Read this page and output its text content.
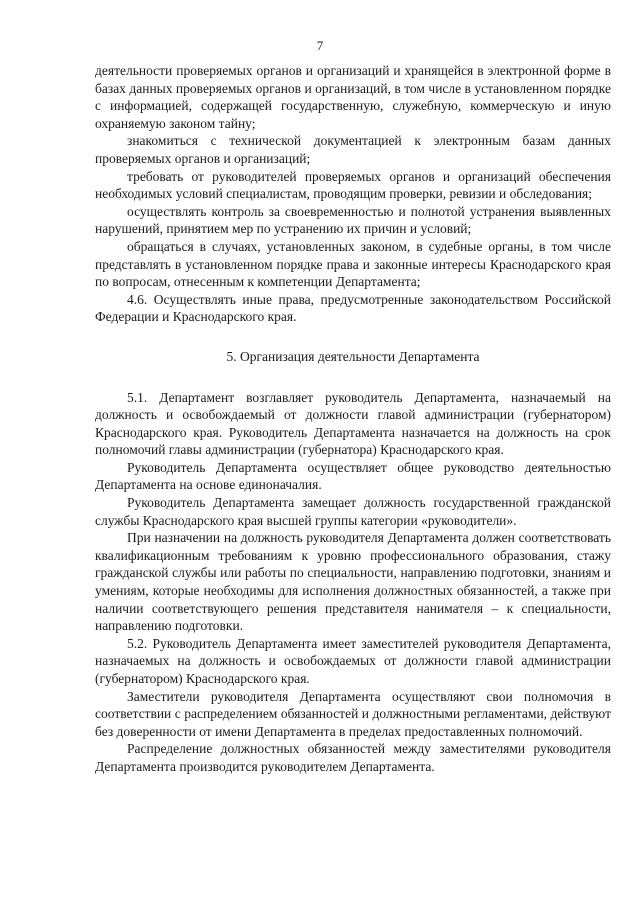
7

деятельности проверяемых органов и организаций и хранящейся в электронной форме в базах данных проверяемых органов и организаций, в том числе в установленном порядке с информацией, содержащей государственную, служебную, коммерческую и иную охраняемую законом тайну;

знакомиться с технической документацией к электронным базам данных проверяемых органов и организаций;

требовать от руководителей проверяемых органов и организаций обеспечения необходимых условий специалистам, проводящим проверки, ревизии и обследования;

осуществлять контроль за своевременностью и полнотой устранения выявленных нарушений, принятием мер по устранению их причин и условий;

обращаться в случаях, установленных законом, в судебные органы, в том числе представлять в установленном порядке права и законные интересы Краснодарского края по вопросам, отнесенным к компетенции Департамента;

4.6. Осуществлять иные права, предусмотренные законодательством Российской Федерации и Краснодарского края.

5. Организация деятельности Департамента

5.1. Департамент возглавляет руководитель Департамента, назначаемый на должность и освобождаемый от должности главой администрации (губернатором) Краснодарского края. Руководитель Департамента назначается на должность на срок полномочий главы администрации (губернатора) Краснодарского края.

Руководитель Департамента осуществляет общее руководство деятельностью Департамента на основе единоначалия.

Руководитель Департамента замещает должность государственной гражданской службы Краснодарского края высшей группы категории «руководители».

При назначении на должность руководителя Департамента должен соответствовать квалификационным требованиям к уровню профессионального образования, стажу гражданской службы или работы по специальности, направлению подготовки, знаниям и умениям, которые необходимы для исполнения должностных обязанностей, а также при наличии соответствующего решения представителя нанимателя – к специальности, направлению подготовки.

5.2. Руководитель Департамента имеет заместителей руководителя Департамента, назначаемых на должность и освобождаемых от должности главой администрации (губернатором) Краснодарского края.

Заместители руководителя Департамента осуществляют свои полномочия в соответствии с распределением обязанностей и должностными регламентами, действуют без доверенности от имени Департамента в пределах предоставленных полномочий.

Распределение должностных обязанностей между заместителями руководителя Департамента производится руководителем Департамента.
